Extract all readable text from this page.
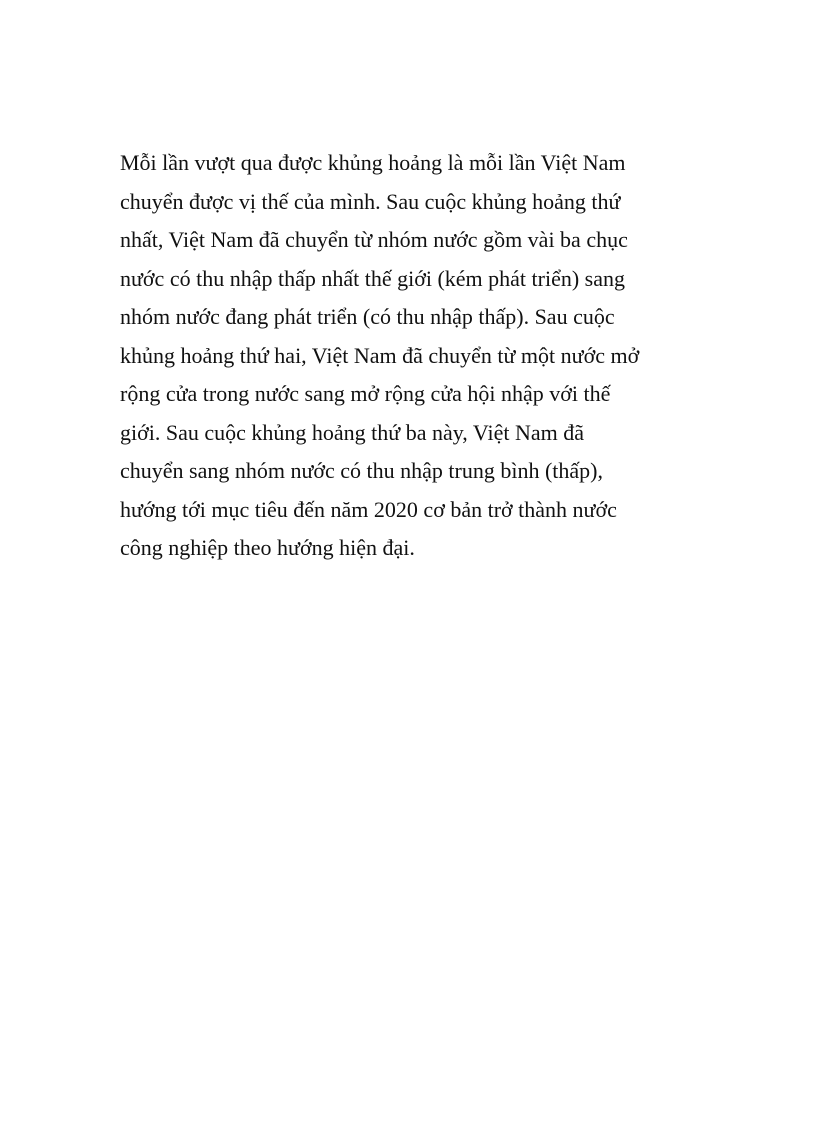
Mỗi lần vượt qua được khủng hoảng là mỗi lần Việt Nam
chuyển được vị thế của mình. Sau cuộc khủng hoảng thứ
nhất, Việt Nam đã chuyển từ nhóm nước gồm vài ba chục
nước có thu nhập thấp nhất thế giới (kém phát triển) sang
nhóm nước đang phát triển (có thu nhập thấp). Sau cuộc
khủng hoảng thứ hai, Việt Nam đã chuyển từ một nước mở
rộng cửa trong nước sang mở rộng cửa hội nhập với thế
giới. Sau cuộc khủng hoảng thứ ba này, Việt Nam đã
chuyển sang nhóm nước có thu nhập trung bình (thấp),
hướng tới mục tiêu đến năm 2020 cơ bản trở thành nước
công nghiệp theo hướng hiện đại.
